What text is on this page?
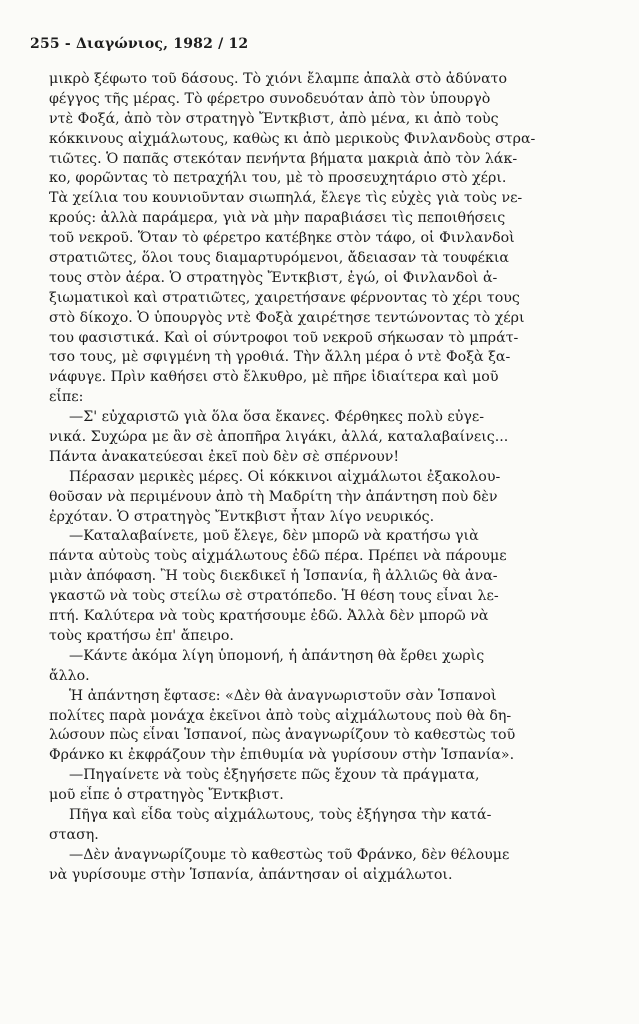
255 - Διαγώνιος, 1982 / 12
μικρὸ ξέφωτο τοῦ δάσους. Τὸ χιόνι ἔλαμπε ἀπαλὰ στὸ ἀδύνατο
φέγγος τῆς μέρας. Τὸ φέρετρο συνοδευόταν ἀπὸ τὸν ὑπουργὸ
ντὲ Φοξά, ἀπὸ τὸν στρατηγὸ Ἔντκβιστ, ἀπὸ μένα, κι ἀπὸ τοὺς
κόκκινους αἰχμάλωτους, καθὼς κι ἀπὸ μερικοὺς Φινλανδοὺς στρα-
τιῶτες. Ὁ παπᾶς στεκόταν πενήντα βήματα μακριὰ ἀπὸ τὸν λάκ-
κο, φορῶντας τὸ πετραχήλι του, μὲ τὸ προσευχητάριο στὸ χέρι.
Τὰ χείλια του κουνιοῦνταν σιωπηλά, ἔλεγε τὶς εὐχὲς γιὰ τοὺς νε-
κρούς: ἀλλὰ παράμερα, γιὰ νὰ μὴν παραβιάσει τὶς πεποιθήσεις
τοῦ νεκροῦ. Ὅταν τὸ φέρετρο κατέβηκε στὸν τάφο, οἱ Φινλανδοὶ
στρατιῶτες, ὅλοι τους διαμαρτυρόμενοι, ἄδειασαν τὰ τουφέκια
τους στὸν ἀέρα. Ὁ στρατηγὸς Ἔντκβιστ, ἐγώ, οἱ Φινλανδοὶ ἀ-
ξιωματικοὶ καὶ στρατιῶτες, χαιρετήσανε φέρνοντας τὸ χέρι τους
στὸ δίκοχο. Ὁ ὑπουργὸς ντὲ Φοξὰ χαιρέτησε τεντώνοντας τὸ χέρι
του φασιστικά. Καὶ οἱ σύντροφοι τοῦ νεκροῦ σήκωσαν τὸ μπράτ-
τσο τους, μὲ σφιγμένη τὴ γροθιά. Τὴν ἄλλη μέρα ὁ ντὲ Φοξὰ ξα-
νάφυγε. Πρὶν καθήσει στὸ ἔλκυθρο, μὲ πῆρε ἰδιαίτερα καὶ μοῦ
εἶπε:
—Σ' εὐχαριστῶ γιὰ ὅλα ὅσα ἔκανες. Φέρθηκες πολὺ εὐγε-
νικά. Συχώρα με ἂν σὲ ἀποπῆρα λιγάκι, ἀλλά, καταλαβαίνεις...
Πάντα ἀνακατεύεσαι ἐκεῖ ποὺ δὲν σὲ σπέρνουν!
Πέρασαν μερικὲς μέρες. Οἱ κόκκινοι αἰχμάλωτοι ἐξακολου-
θοῦσαν νὰ περιμένουν ἀπὸ τὴ Μαδρίτη τὴν ἀπάντηση ποὺ δὲν
ἐρχόταν. Ὁ στρατηγὸς Ἔντκβιστ ἦταν λίγο νευρικός.
—Καταλαβαίνετε, μοῦ ἔλεγε, δὲν μπορῶ νὰ κρατήσω γιὰ
πάντα αὐτοὺς τοὺς αἰχμάλωτους ἐδῶ πέρα. Πρέπει νὰ πάρουμε
μιὰν ἀπόφαση. Ἢ τοὺς διεκδικεῖ ἡ Ἱσπανία, ἢ ἀλλιῶς θὰ ἀνα-
γκαστῶ νὰ τοὺς στείλω σὲ στρατόπεδο. Ἡ θέση τους εἶναι λε-
πτή. Καλύτερα νὰ τοὺς κρατήσουμε ἐδῶ. Ἀλλὰ δὲν μπορῶ νὰ
τοὺς κρατήσω ἐπ' ἄπειρο.
—Κάντε ἀκόμα λίγη ὑπομονή, ἡ ἀπάντηση θὰ ἔρθει χωρὶς
ἄλλο.
Ἡ ἀπάντηση ἔφτασε: «Δὲν θὰ ἀναγνωριστοῦν σὰν Ἱσπανοὶ
πολίτες παρὰ μονάχα ἐκεῖνοι ἀπὸ τοὺς αἰχμάλωτους ποὺ θὰ δη-
λώσουν πὼς εἶναι Ἱσπανοί, πὼς ἀναγνωρίζουν τὸ καθεστὼς τοῦ
Φράνκο κι ἐκφράζουν τὴν ἐπιθυμία νὰ γυρίσουν στὴν Ἱσπανία».
—Πηγαίνετε νὰ τοὺς ἐξηγήσετε πῶς ἔχουν τὰ πράγματα,
μοῦ εἶπε ὁ στρατηγὸς Ἔντκβιστ.
Πῆγα καὶ εἶδα τοὺς αἰχμάλωτους, τοὺς ἐξήγησα τὴν κατά-
σταση.
—Δὲν ἀναγνωρίζουμε τὸ καθεστὼς τοῦ Φράνκο, δὲν θέλουμε
νὰ γυρίσουμε στὴν Ἱσπανία, ἀπάντησαν οἱ αἰχμάλωτοι.
